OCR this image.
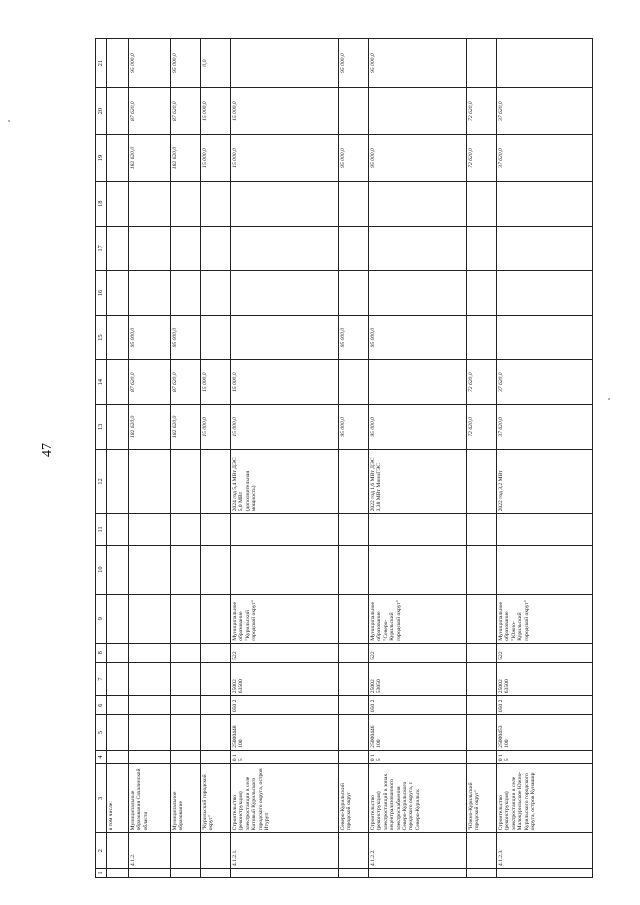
47
1	2	3	4	5	6	7	8	9	10	11	12	13	14	15	16	17	18	19	20	21
		в том числе:																		
	4.1.2.	Муниципальные образования Сахалинской области										182 620,0	87 620,0	95 000,0				182 620,0	87 620,0	95 000,0
		Муниципальное образование										182 620,0	87 620,0	95 000,0				182 620,0	87 620,0	95 000,0
		"Курильский городской округ"										15 000,0	15 000,0					15 000,0	15 000,0	0,0
	4.1.2.1.	Строительство (реконструкция) электростанции в селе Китовый Курильского городского округа, остров Итуруп	0 1 5	25000448 100	050 2	25002 63500	522	Муниципальное образование "Курильский городской округ"			2024 год 5,4 МВт ДЭС 5,0 МВт (дополнительная мощность)	15 000,0	15 000,0					15 000,0	15 000,0	
		Северо-Курильский городской округ										95 000,0		95 000,0				95 000,0		95 000,0
	4.1.2.2.	Строительство (реконструкция) электростанций в зонах нецентрализованного электроснабжения Северо-Курильского городского округа, г. Северо-Курильск	0 1 5	25000446 100	050 2	25002 53050	522	Муниципальное образование "Северо-Курильский городской округ"			2022 год 1,6 МВт ДЭС 3,38 МВт МиниГЭС	95 000,0		95 000,0				95 000,0		95 000,0
		"Южно-Курильский городской округ"										72 620,0	72 620,0					72 620,0	72 620,0	
	4.1.2.3.	Строительство (реконструкция) электростанции в селе Малокурильское Южно-Курильского городского округа, остров Кунашир	0 1 5	25000453 100	050 2	25002 63500	522	Муниципальное образование "Южно-Курильский городской округ"			2022 год 3,2 МВт	37 620,0	37 620,0					37 620,0	37 620,0	
